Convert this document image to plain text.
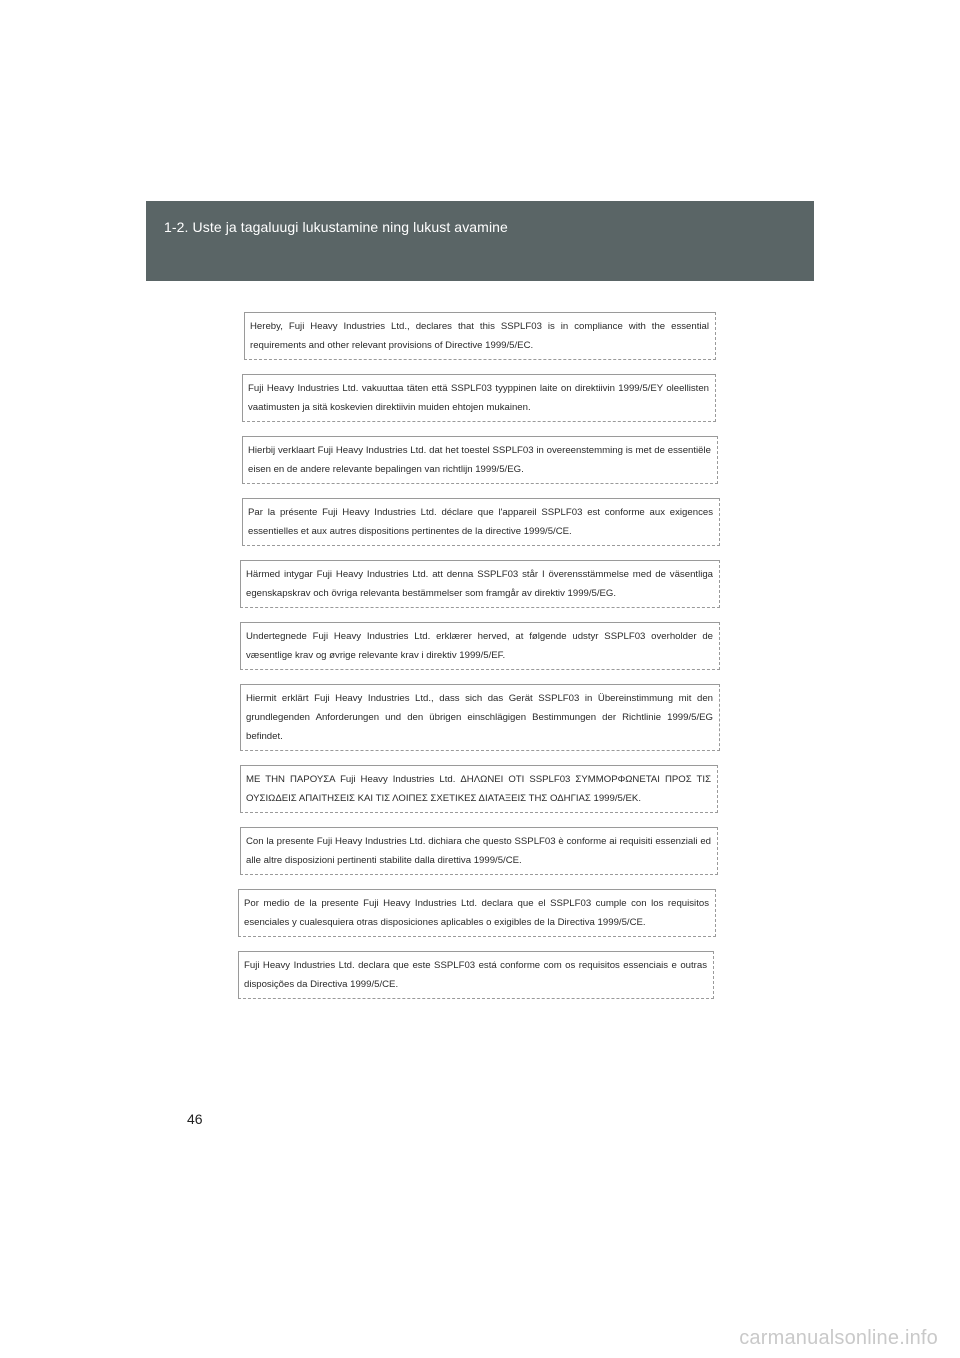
1-2. Uste ja tagaluugi lukustamine ning lukust avamine
Hereby, Fuji Heavy Industries Ltd., declares that this SSPLF03 is in compliance with the essential requirements and other relevant provisions of Directive 1999/5/EC.
Fuji Heavy Industries Ltd. vakuuttaa täten että SSPLF03 tyyppinen laite on direktiivin 1999/5/EY oleellisten vaatimusten ja sitä koskevien direktiivin muiden ehtojen mukainen.
Hierbij verklaart Fuji Heavy Industries Ltd. dat het toestel SSPLF03 in overeenstemming is met de essentiële eisen en de andere relevante bepalingen van richtlijn 1999/5/EG.
Par la présente Fuji Heavy Industries Ltd. déclare que l'appareil SSPLF03 est conforme aux exigences essentielles et aux autres dispositions pertinentes de la directive 1999/5/CE.
Härmed intygar Fuji Heavy Industries Ltd. att denna SSPLF03 står I överensstämmelse med de väsentliga egenskapskrav och övriga relevanta bestämmelser som framgår av direktiv 1999/5/EG.
Undertegnede Fuji Heavy Industries Ltd. erklærer herved, at følgende udstyr SSPLF03 overholder de væsentlige krav og øvrige relevante krav i direktiv 1999/5/EF.
Hiermit erklärt Fuji Heavy Industries Ltd., dass sich das Gerät SSPLF03 in Übereinstimmung mit den grundlegenden Anforderungen und den übrigen einschlägigen Bestimmungen der Richtlinie 1999/5/EG befindet.
ΜΕ ΤΗΝ ΠΑΡΟΥΣΑ Fuji Heavy Industries Ltd. ΔΗΛΩΝΕΙ ΟΤΙ SSPLF03 ΣΥΜΜΟΡΦΩΝΕΤΑΙ ΠΡΟΣ ΤΙΣ ΟΥΣΙΩΔΕΙΣ ΑΠΑΙΤΗΣΕΙΣ ΚΑΙ ΤΙΣ ΛΟΙΠΕΣ ΣΧΕΤΙΚΕΣ ΔΙΑΤΑΞΕΙΣ ΤΗΣ ΟΔΗΓΙΑΣ 1999/5/ΕΚ.
Con la presente Fuji Heavy Industries Ltd. dichiara che questo SSPLF03 è conforme ai requisiti essenziali ed alle altre disposizioni pertinenti stabilite dalla direttiva 1999/5/CE.
Por medio de la presente Fuji Heavy Industries Ltd. declara que el SSPLF03 cumple con los requisitos esenciales y cualesquiera otras disposiciones aplicables o exigibles de la Directiva 1999/5/CE.
Fuji Heavy Industries Ltd. declara que este SSPLF03 está conforme com os requisitos essenciais e outras disposições da Directiva 1999/5/CE.
46
carmanualsonline.info
